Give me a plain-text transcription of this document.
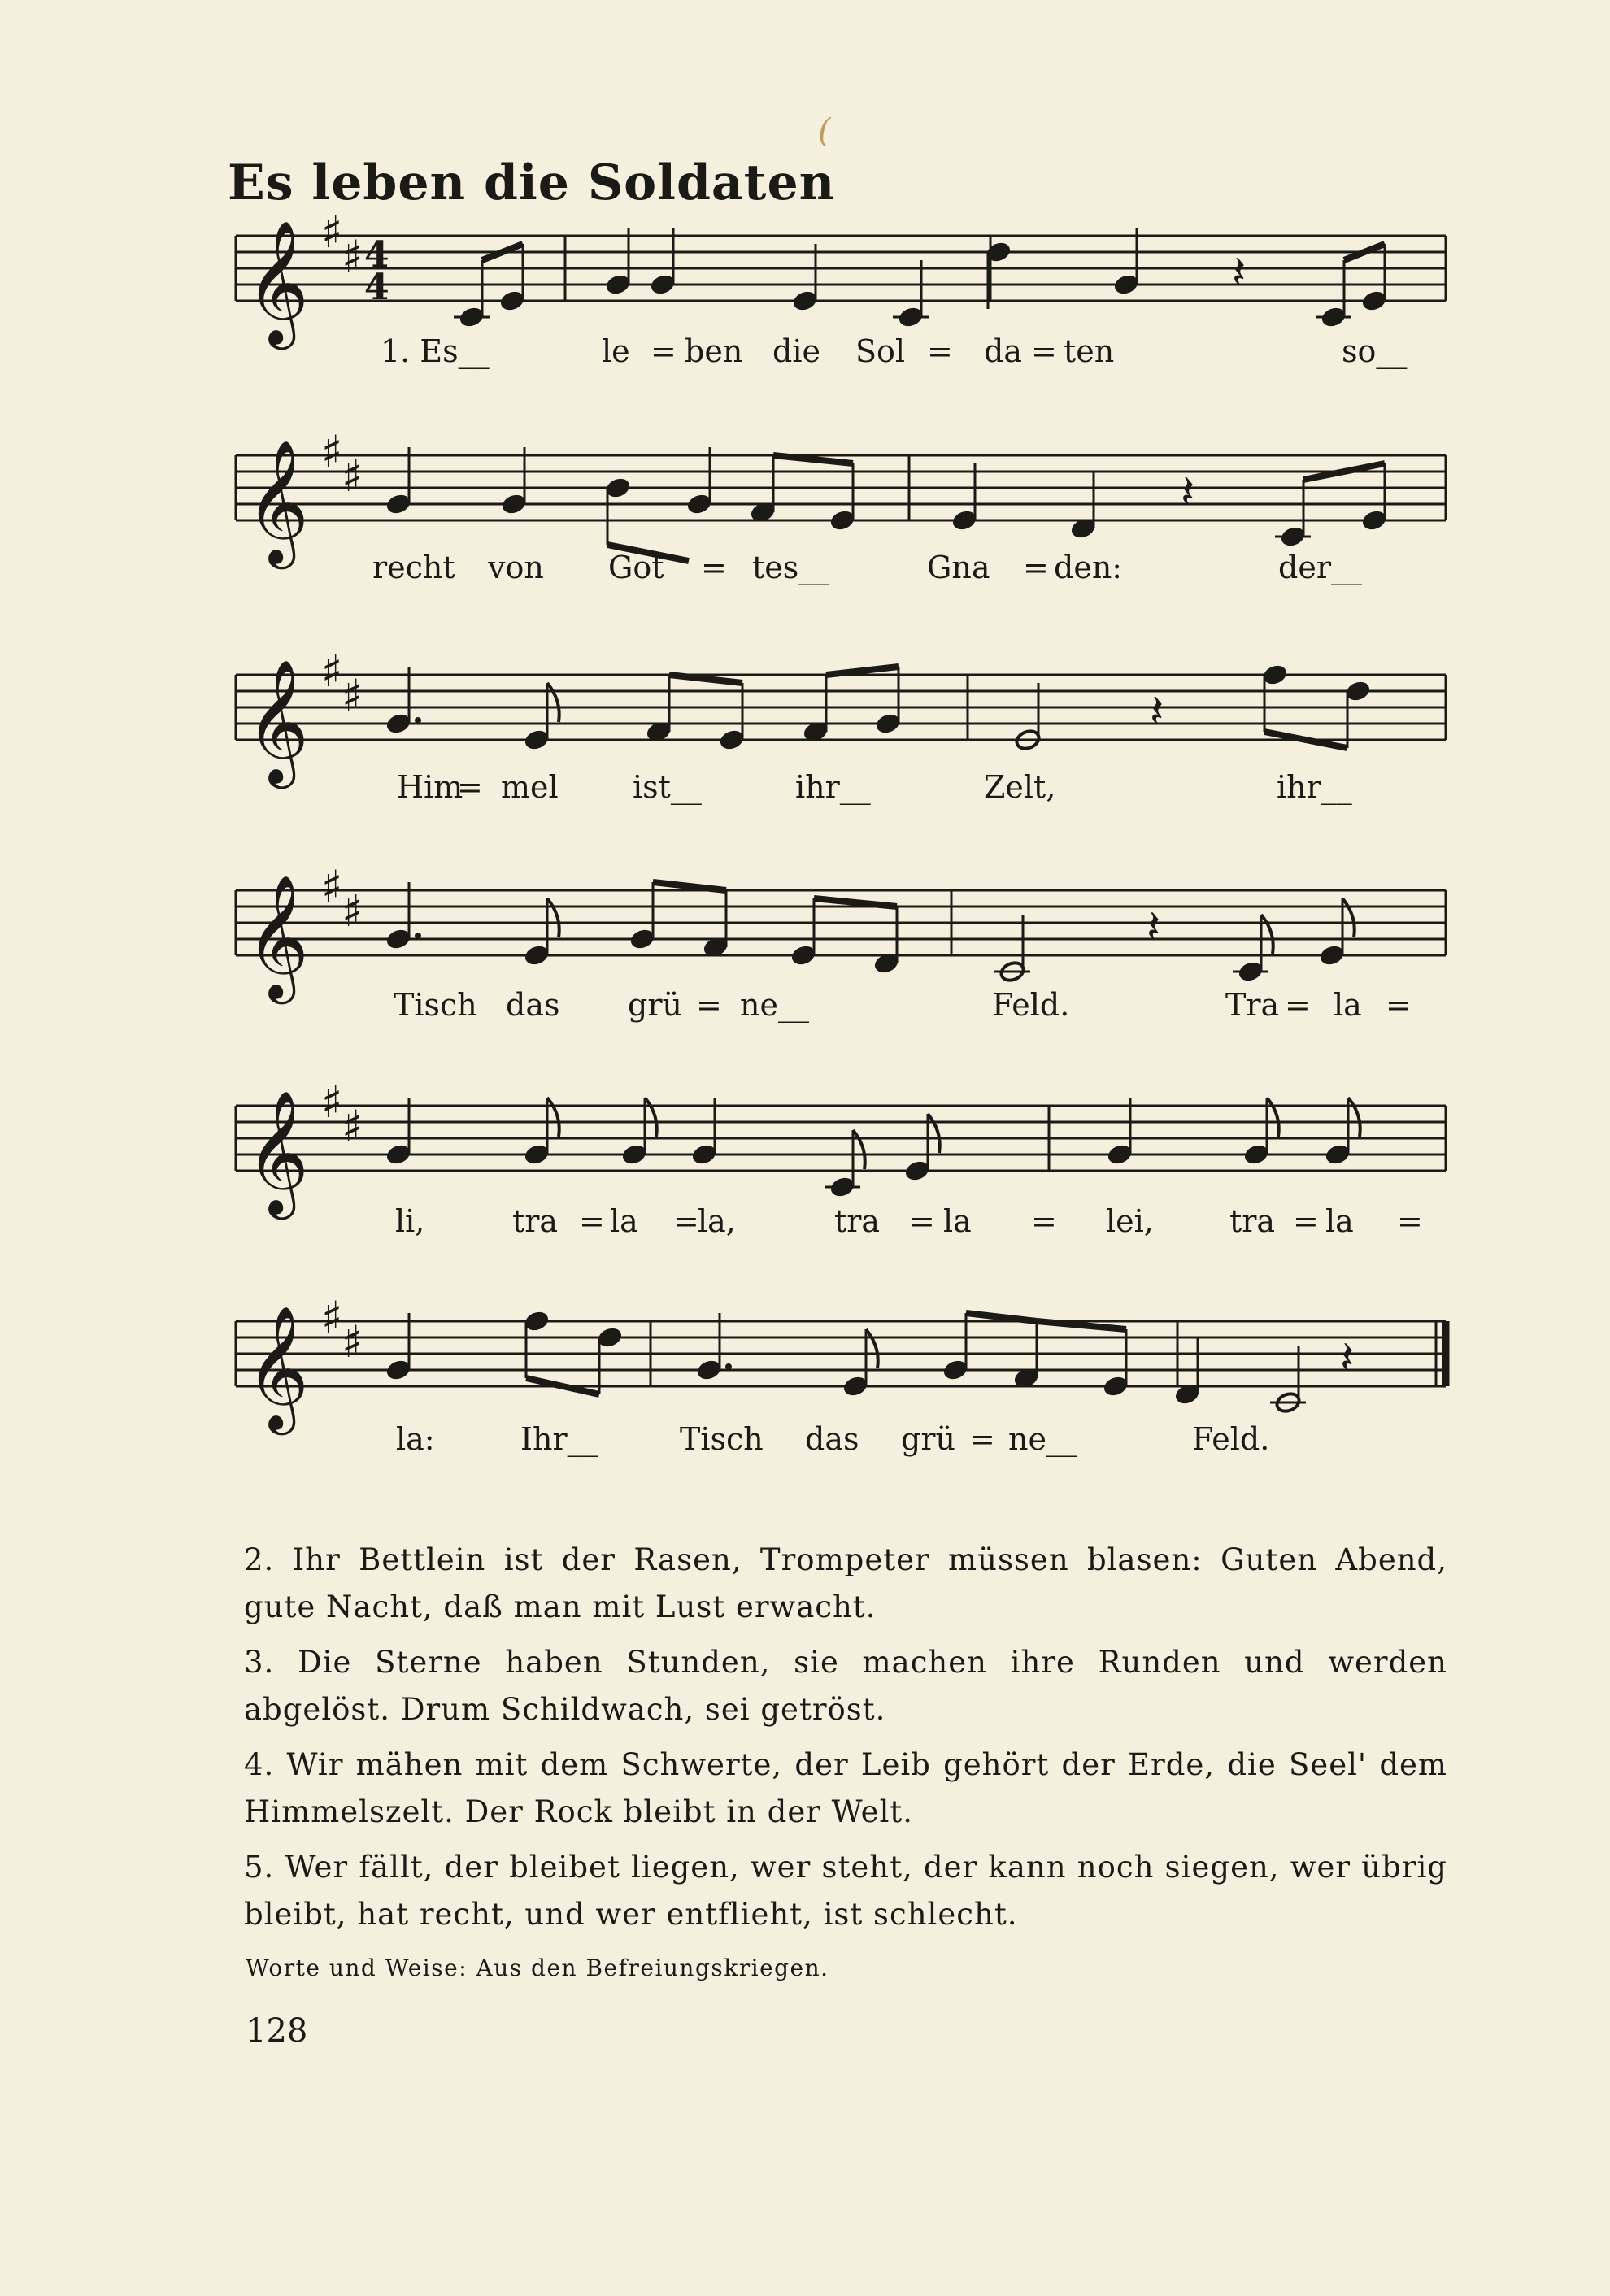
(
Es leben die Soldaten
𝄞 ♯
♯ 4
4	𝄽
𝄞 ♯
♯	𝄽
𝄞 ♯
♯	𝄽
𝄞 ♯
♯	𝄽
𝄞 ♯
♯
𝄞 ♯
♯	𝄽
1. Es__	le = ben die Sol = da = ten	so__
recht von Got = tes__	Gna = den:	der__
Him
= mel ist__	ihr__	Zelt,	ihr__
Tisch das grü = ne__	Feld.	Tra = la =
li,	tra = la =
la,	tra = la = lei, tra = la =
la:	Ihr__	Tisch das grü = ne__	Feld.

2. Ihr Bettlein ist der Rasen, Trompeter müssen blasen: Guten Abend, gute Nacht, daß man mit Lust erwacht.

3. Die Sterne haben Stunden, sie machen ihre Runden und werden abgelöst. Drum Schildwach, sei getröst.

4. Wir mähen mit dem Schwerte, der Leib gehört der Erde, die Seel' dem Himmelszelt. Der Rock bleibt in der Welt.

5. Wer fällt, der bleibet liegen, wer steht, der kann noch siegen, wer übrig bleibt, hat recht, und wer entflieht, ist schlecht.

Worte und Weise: Aus den Befreiungskriegen.
128
